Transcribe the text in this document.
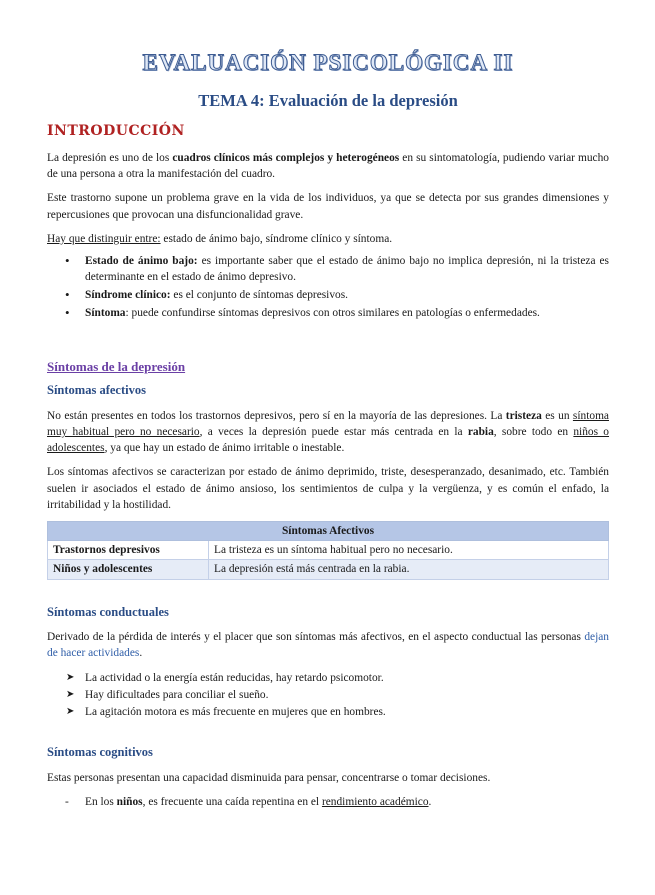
EVALUACIÓN PSICOLÓGICA II
TEMA 4: Evaluación de la depresión
INTRODUCCIÓN

La depresión es uno de los cuadros clínicos más complejos y heterogéneos en su sintomatología, pudiendo variar mucho de una persona a otra la manifestación del cuadro.

Este trastorno supone un problema grave en la vida de los individuos, ya que se detecta por sus grandes dimensiones y repercusiones que provocan una disfuncionalidad grave.

Hay que distinguir entre: estado de ánimo bajo, síndrome clínico y síntoma.

• Estado de ánimo bajo: es importante saber que el estado de ánimo bajo no implica depresión, ni la tristeza es determinante en el estado de ánimo depresivo.
• Síndrome clínico: es el conjunto de síntomas depresivos.
• Síntoma: puede confundirse síntomas depresivos con otros similares en patologías o enfermedades.
Síntomas de la depresión
Síntomas afectivos

No están presentes en todos los trastornos depresivos, pero sí en la mayoría de las depresiones. La tristeza es un síntoma muy habitual pero no necesario, a veces la depresión puede estar más centrada en la rabia, sobre todo en niños o adolescentes, ya que hay un estado de ánimo irritable o inestable.

Los síntomas afectivos se caracterizan por estado de ánimo deprimido, triste, desesperanzado, desanimado, etc. También suelen ir asociados el estado de ánimo ansioso, los sentimientos de culpa y la vergüenza, y es común el enfado, la irritabilidad y la hostilidad.

Síntomas Afectivos	
Trastornos depresivos	La tristeza es un síntoma habitual pero no necesario.
Niños y adolescentes	La depresión está más centrada en la rabia.
Síntomas conductuales

Derivado de la pérdida de interés y el placer que son síntomas más afectivos, en el aspecto conductual las personas dejan de hacer actividades.

➤ La actividad o la energía están reducidas, hay retardo psicomotor.
➤ Hay dificultades para conciliar el sueño.
➤ La agitación motora es más frecuente en mujeres que en hombres.
Síntomas cognitivos

Estas personas presentan una capacidad disminuida para pensar, concentrarse o tomar decisiones.

- En los niños, es frecuente una caída repentina en el rendimiento académico.
